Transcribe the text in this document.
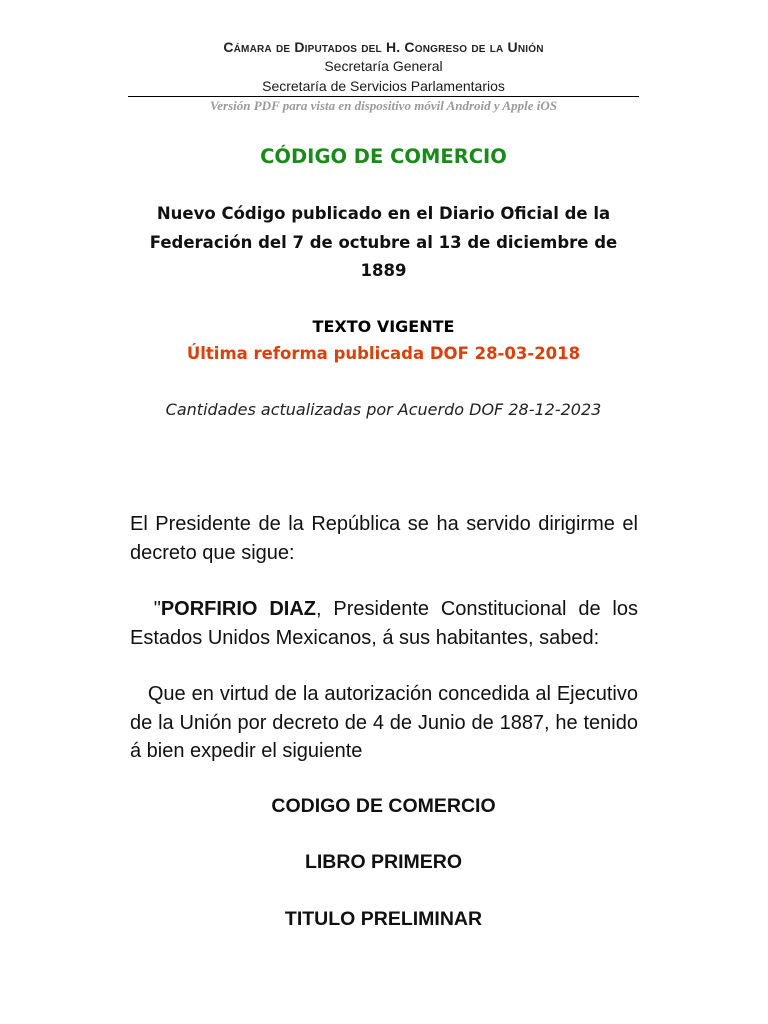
Cámara de Diputados del H. Congreso de la Unión
Secretaría General
Secretaría de Servicios Parlamentarios
Versión PDF para vista en dispositivo móvil Android y Apple iOS
CÓDIGO DE COMERCIO
Nuevo Código publicado en el Diario Oficial de la Federación del 7 de octubre al 13 de diciembre de 1889
TEXTO VIGENTE
Última reforma publicada DOF 28-03-2018
Cantidades actualizadas por Acuerdo DOF 28-12-2023
El Presidente de la República se ha servido dirigirme el decreto que sigue:
"PORFIRIO DIAZ, Presidente Constitucional de los Estados Unidos Mexicanos, á sus habitantes, sabed:
Que en virtud de la autorización concedida al Ejecutivo de la Unión por decreto de 4 de Junio de 1887, he tenido á bien expedir el siguiente
CODIGO DE COMERCIO
LIBRO PRIMERO
TITULO PRELIMINAR
